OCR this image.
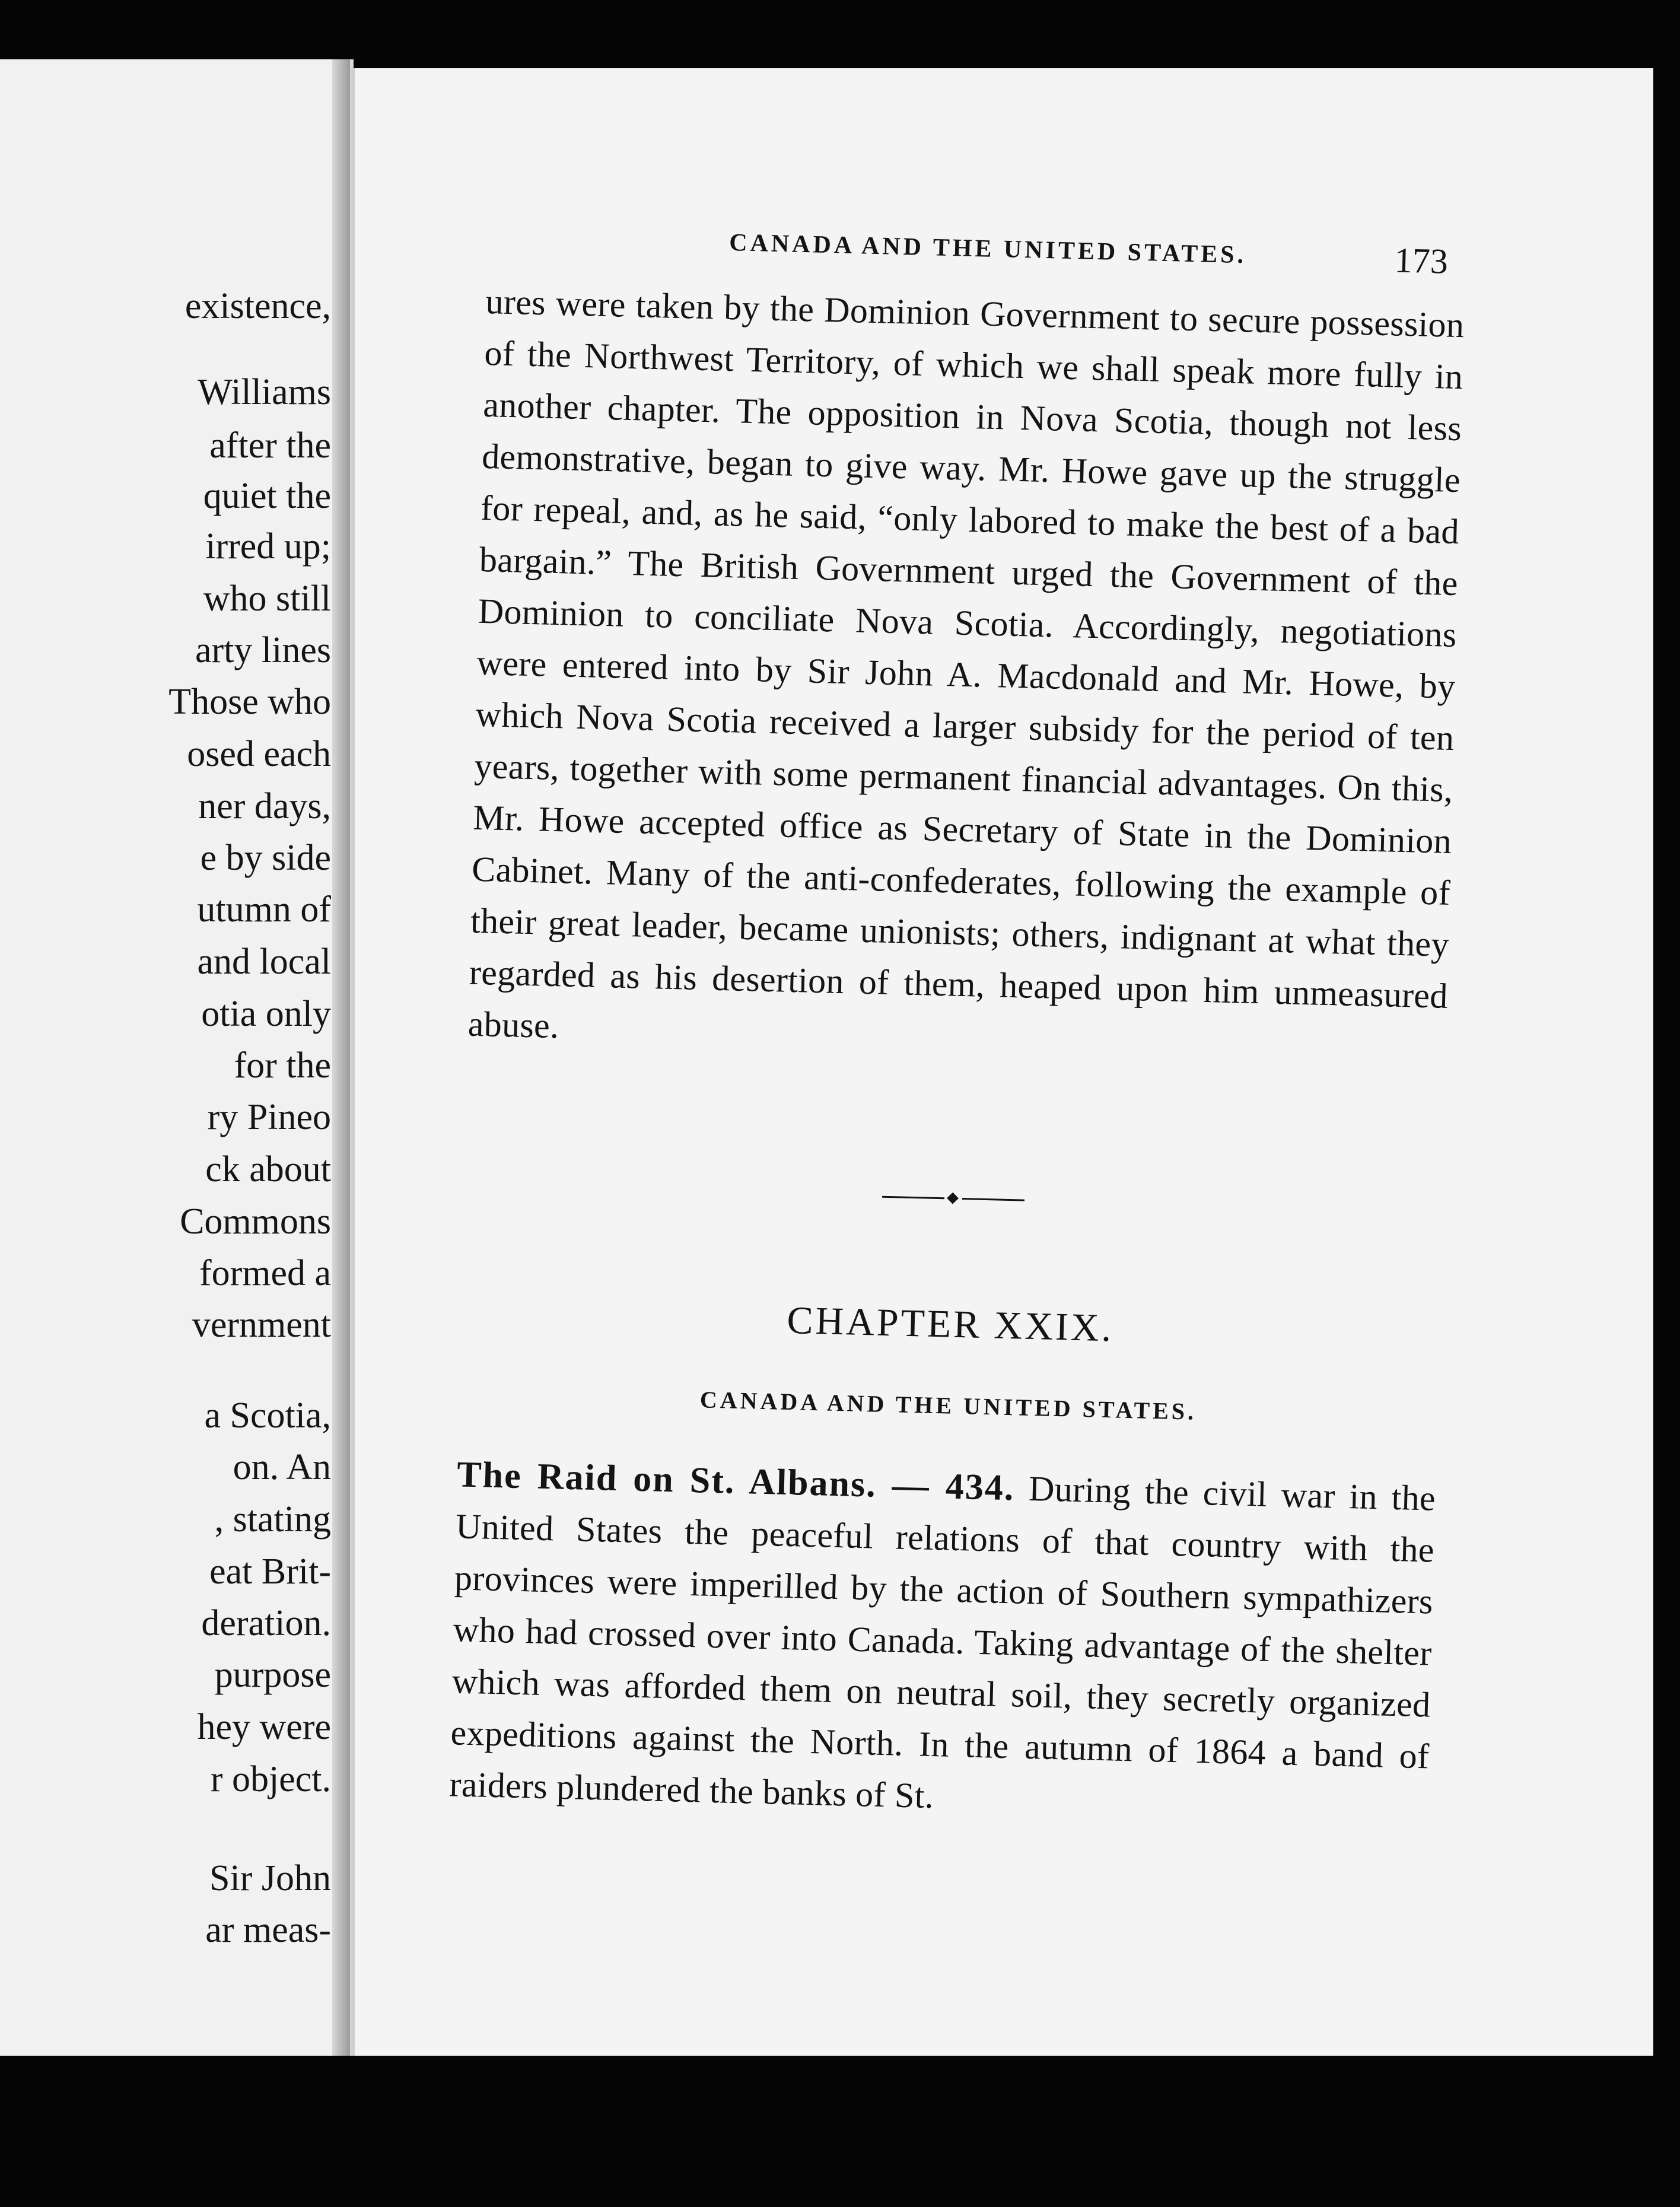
existence,
Williams
after the
quiet the
irred up;
who still
arty lines
Those who
osed each
ner days,
e by side
utumn of
and local
otia only
for the
ry Pineo
ck about
Commons
formed a
vernment
a Scotia,
on. An
, stating
eat Brit-
deration.
purpose
hey were
r object.
Sir John
ar meas-
CANADA AND THE UNITED STATES.	173

ures were taken by the Dominion Government to secure possession of the Northwest Territory, of which we shall speak more fully in another chapter. The opposition in Nova Scotia, though not less demonstrative, began to give way. Mr. Howe gave up the struggle for repeal, and, as he said, “only labored to make the best of a bad bargain.” The British Government urged the Government of the Dominion to conciliate Nova Scotia. Accordingly, negotiations were entered into by Sir John A. Macdonald and Mr. Howe, by which Nova Scotia received a larger subsidy for the period of ten years, together with some permanent financial advantages. On this, Mr. Howe accepted office as Secretary of State in the Dominion Cabinet. Many of the anti-confederates, following the example of their great leader, became unionists; others, indignant at what they regarded as his desertion of them, heaped upon him unmeasured abuse.

CHAPTER XXIX.
CANADA AND THE UNITED STATES.

The Raid on St. Albans. — 434. During the civil war in the United States the peaceful relations of that country with the provinces were imperilled by the action of Southern sympathizers who had crossed over into Canada. Taking advantage of the shelter which was afforded them on neutral soil, they secretly organized expeditions against the North. In the autumn of 1864 a band of raiders plundered the banks of St.
